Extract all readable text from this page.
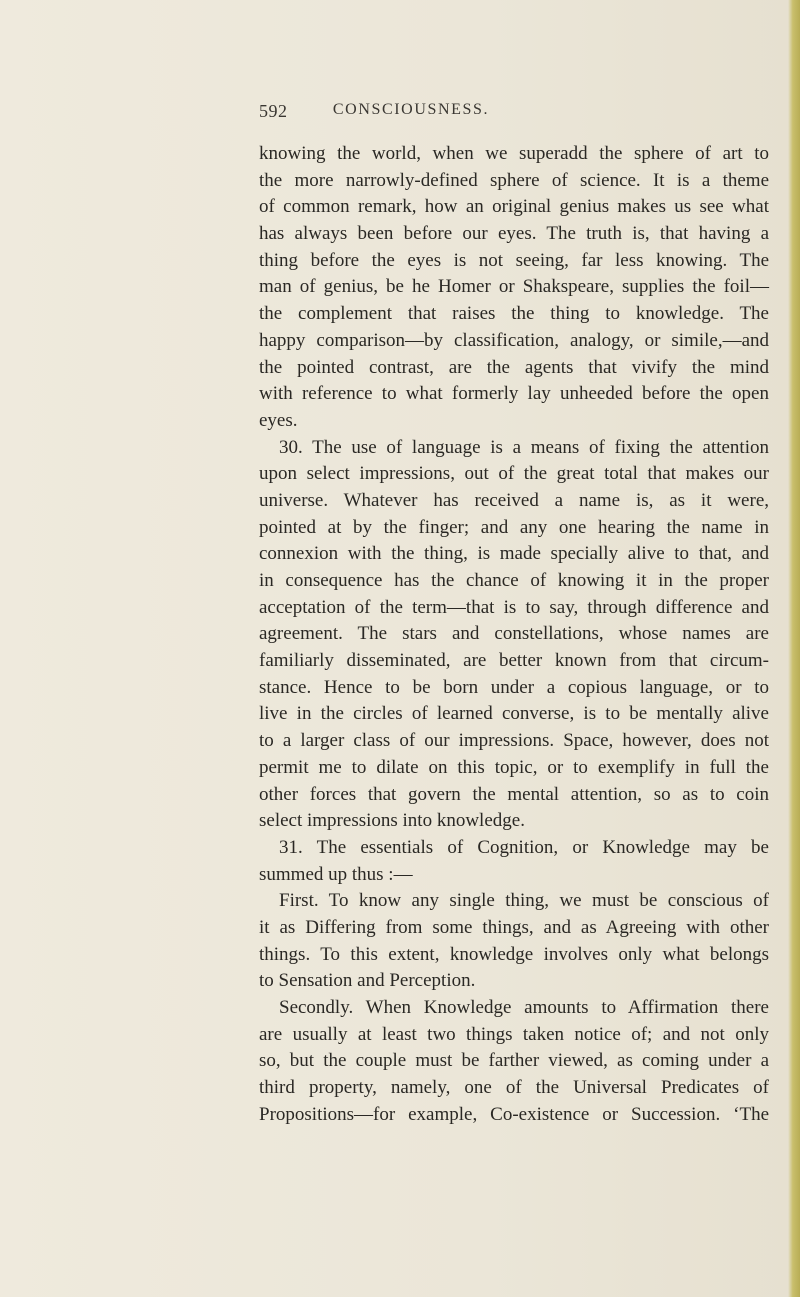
592	CONSCIOUSNESS.
knowing the world, when we superadd the sphere of art to
the more narrowly-defined sphere of science. It is a theme
of common remark, how an original genius makes us see what
has always been before our eyes. The truth is, that having a
thing before the eyes is not seeing, far less knowing. The
man of genius, be he Homer or Shakspeare, supplies the foil—
the complement that raises the thing to knowledge. The
happy comparison—by classification, analogy, or simile,—and
the pointed contrast, are the agents that vivify the mind
with reference to what formerly lay unheeded before the open
eyes.
30. The use of language is a means of fixing the attention
upon select impressions, out of the great total that makes our
universe. Whatever has received a name is, as it were,
pointed at by the finger; and any one hearing the name in
connexion with the thing, is made specially alive to that, and
in consequence has the chance of knowing it in the proper
acceptation of the term—that is to say, through difference and
agreement. The stars and constellations, whose names are
familiarly disseminated, are better known from that circum-
stance. Hence to be born under a copious language, or to
live in the circles of learned converse, is to be mentally alive
to a larger class of our impressions. Space, however, does not
permit me to dilate on this topic, or to exemplify in full the
other forces that govern the mental attention, so as to coin
select impressions into knowledge.
31. The essentials of Cognition, or Knowledge may be
summed up thus :—
First. To know any single thing, we must be conscious of
it as Differing from some things, and as Agreeing with other
things. To this extent, knowledge involves only what belongs
to Sensation and Perception.
Secondly. When Knowledge amounts to Affirmation there
are usually at least two things taken notice of; and not only
so, but the couple must be farther viewed, as coming under a
third property, namely, one of the Universal Predicates of
Propositions—for example, Co-existence or Succession. ‘The
